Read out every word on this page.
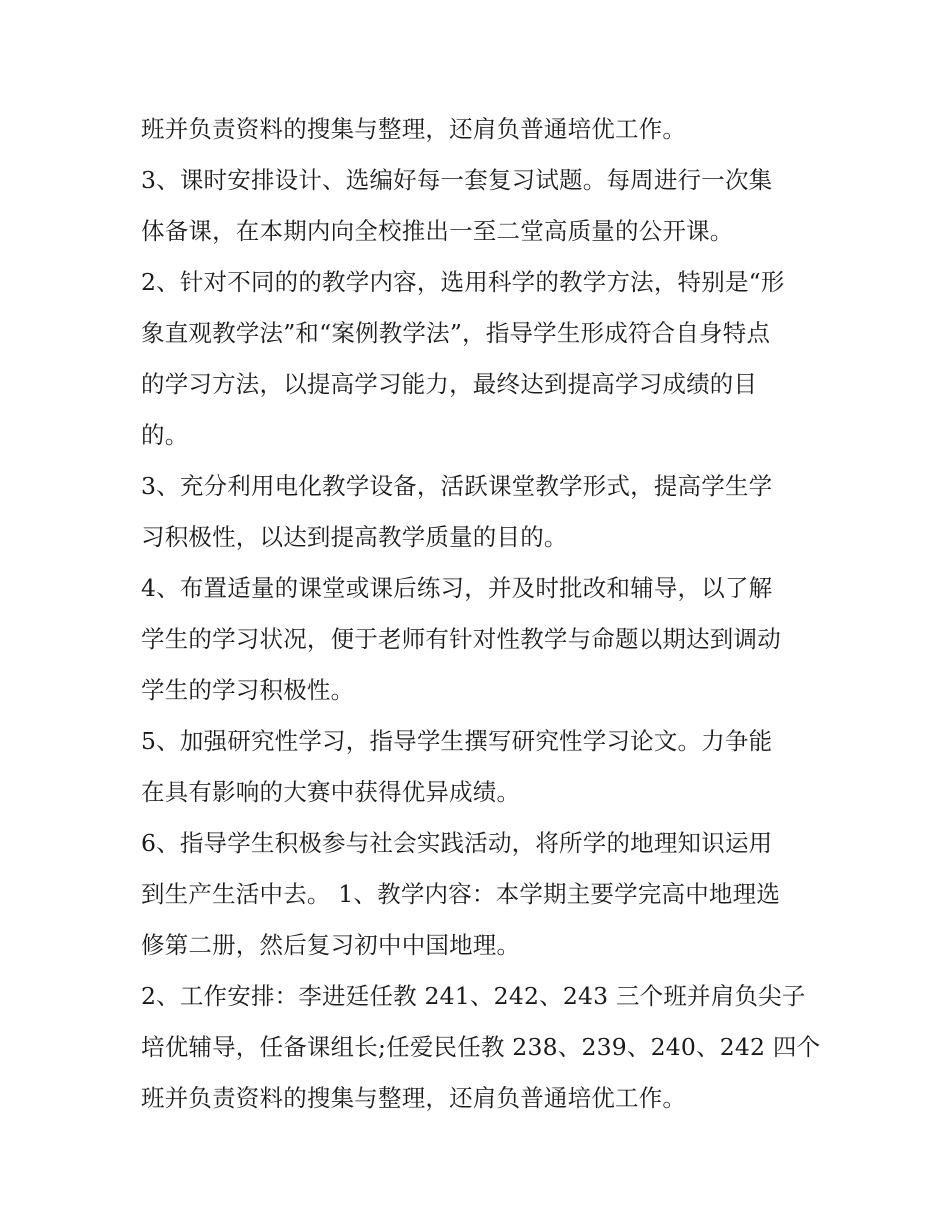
班并负责资料的搜集与整理，还肩负普通培优工作。
3、课时安排设计、选编好每一套复习试题。每周进行一次集
体备课，在本期内向全校推出一至二堂高质量的公开课。
2、针对不同的的教学内容，选用科学的教学方法，特别是“形
象直观教学法”和“案例教学法”，指导学生形成符合自身特点
的学习方法，以提高学习能力，最终达到提高学习成绩的目
的。
3、充分利用电化教学设备，活跃课堂教学形式，提高学生学
习积极性，以达到提高教学质量的目的。
4、布置适量的课堂或课后练习，并及时批改和辅导，以了解
学生的学习状况，便于老师有针对性教学与命题以期达到调动
学生的学习积极性。
5、加强研究性学习，指导学生撰写研究性学习论文。力争能
在具有影响的大赛中获得优异成绩。
6、指导学生积极参与社会实践活动，将所学的地理知识运用
到生产生活中去。 1、教学内容：本学期主要学完高中地理选
修第二册，然后复习初中中国地理。
2、工作安排：李进廷任教 241、242、243 三个班并肩负尖子
培优辅导，任备课组长;任爱民任教 238、239、240、242 四个
班并负责资料的搜集与整理，还肩负普通培优工作。
